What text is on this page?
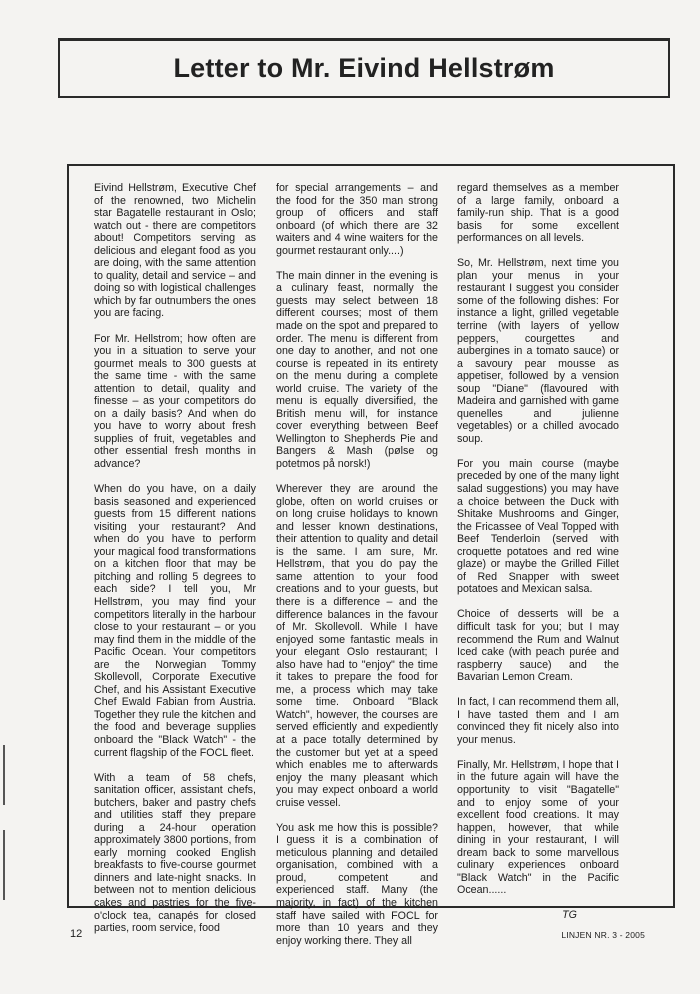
Letter to Mr. Eivind Hellstrøm

Eivind Hellstrøm, Executive Chef of the renowned, two Michelin star Bagatelle restaurant in Oslo; watch out - there are competitors about! Competitors serving as delicious and elegant food as you are doing, with the same attention to quality, detail and service – and doing so with logistical challenges which by far outnumbers the ones you are facing.

For Mr. Hellstrom; how often are you in a situation to serve your gourmet meals to 300 guests at the same time - with the same attention to detail, quality and finesse – as your competitors do on a daily basis? And when do you have to worry about fresh supplies of fruit, vegetables and other essential fresh months in advance?

When do you have, on a daily basis seasoned and experienced guests from 15 different nations visiting your restaurant? And when do you have to perform your magical food transformations on a kitchen floor that may be pitching and rolling 5 degrees to each side? I tell you, Mr Hellstrøm, you may find your competitors literally in the harbour close to your restaurant – or you may find them in the middle of the Pacific Ocean. Your competitors are the Norwegian Tommy Skollevoll, Corporate Executive Chef, and his Assistant Executive Chef Ewald Fabian from Austria. Together they rule the kitchen and the food and beverage supplies onboard the "Black Watch" - the current flagship of the FOCL fleet.

With a team of 58 chefs, sanitation officer, assistant chefs, butchers, baker and pastry chefs and utilities staff they prepare during a 24-hour operation approximately 3800 portions, from early morning cooked English breakfasts to five-course gourmet dinners and late-night snacks. In between not to mention delicious cakes and pastries for the five-o'clock tea, canapés for closed parties, room service, food

for special arrangements – and the food for the 350 man strong group of officers and staff onboard (of which there are 32 waiters and 4 wine waiters for the gourmet restaurant only....)

The main dinner in the evening is a culinary feast, normally the guests may select between 18 different courses; most of them made on the spot and prepared to order. The menu is different from one day to another, and not one course is repeated in its entirety on the menu during a complete world cruise. The variety of the menu is equally diversified, the British menu will, for instance cover everything between Beef Wellington to Shepherds Pie and Bangers & Mash (pølse og potetmos på norsk!)

Wherever they are around the globe, often on world cruises or on long cruise holidays to known and lesser known destinations, their attention to quality and detail is the same. I am sure, Mr. Hellstrøm, that you do pay the same attention to your food creations and to your guests, but there is a difference – and the difference balances in the favour of Mr. Skollevoll. While I have enjoyed some fantastic meals in your elegant Oslo restaurant; I also have had to "enjoy" the time it takes to prepare the food for me, a process which may take some time. Onboard "Black Watch", however, the courses are served efficiently and expediently at a pace totally determined by the customer but yet at a speed which enables me to afterwards enjoy the many pleasant which you may expect onboard a world cruise vessel.

You ask me how this is possible? I guess it is a combination of meticulous planning and detailed organisation, combined with a proud, competent and experienced staff. Many (the majority, in fact) of the kitchen staff have sailed with FOCL for more than 10 years and they enjoy working there. They all

regard themselves as a member of a large family, onboard a family-run ship. That is a good basis for some excellent performances on all levels.

So, Mr. Hellstrøm, next time you plan your menus in your restaurant I suggest you consider some of the following dishes: For instance a light, grilled vegetable terrine (with layers of yellow peppers, courgettes and aubergines in a tomato sauce) or a savoury pear mousse as appetiser, followed by a vension soup "Diane" (flavoured with Madeira and garnished with game quenelles and julienne vegetables) or a chilled avocado soup.

For you main course (maybe preceded by one of the many light salad suggestions) you may have a choice between the Duck with Shitake Mushrooms and Ginger, the Fricassee of Veal Topped with Beef Tenderloin (served with croquette potatoes and red wine glaze) or maybe the Grilled Fillet of Red Snapper with sweet potatoes and Mexican salsa.

Choice of desserts will be a difficult task for you; but I may recommend the Rum and Walnut Iced cake (with peach purée and raspberry sauce) and the Bavarian Lemon Cream.

In fact, I can recommend them all, I have tasted them and I am convinced they fit nicely also into your menus.

Finally, Mr. Hellstrøm, I hope that I in the future again will have the opportunity to visit "Bagatelle" and to enjoy some of your excellent food creations. It may happen, however, that while dining in your restaurant, I will dream back to some marvellous culinary experiences onboard "Black Watch" in the Pacific Ocean......

TG

12	LINJEN NR. 3 - 2005
